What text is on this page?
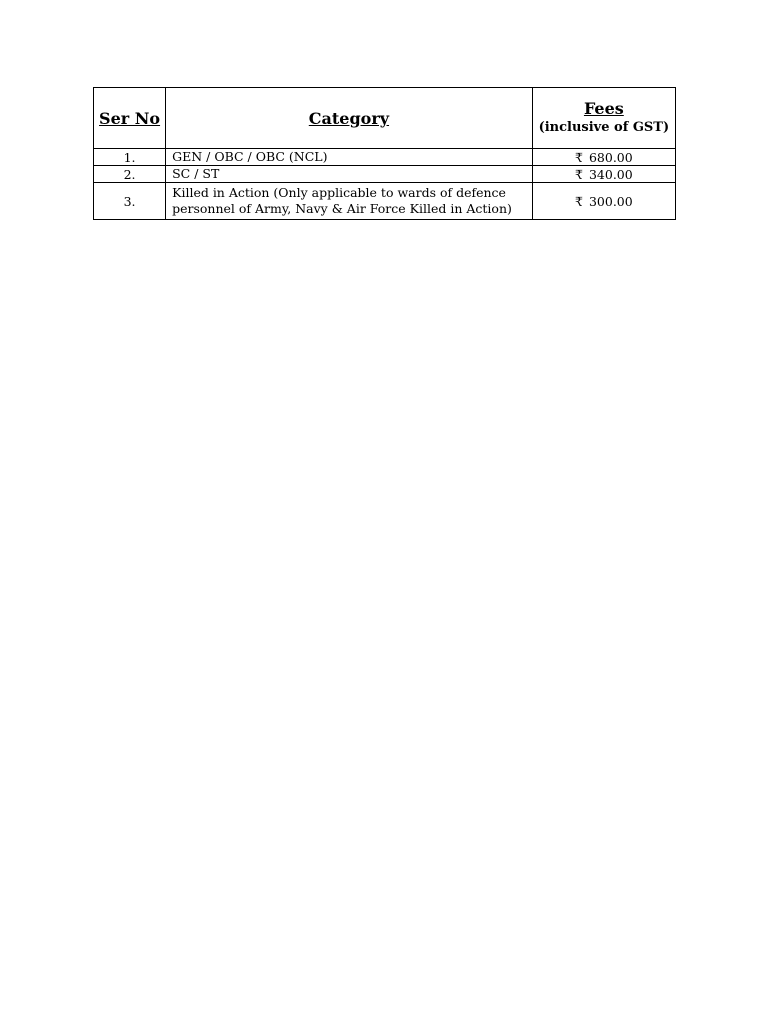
Ser No	Category	Fees
(inclusive of GST)

1.	GEN / OBC / OBC (NCL)	₹ 680.00
2.	SC / ST	₹ 340.00
3.	Killed in Action (Only applicable to wards of defence personnel of Army, Navy & Air Force Killed in Action)	₹ 300.00
